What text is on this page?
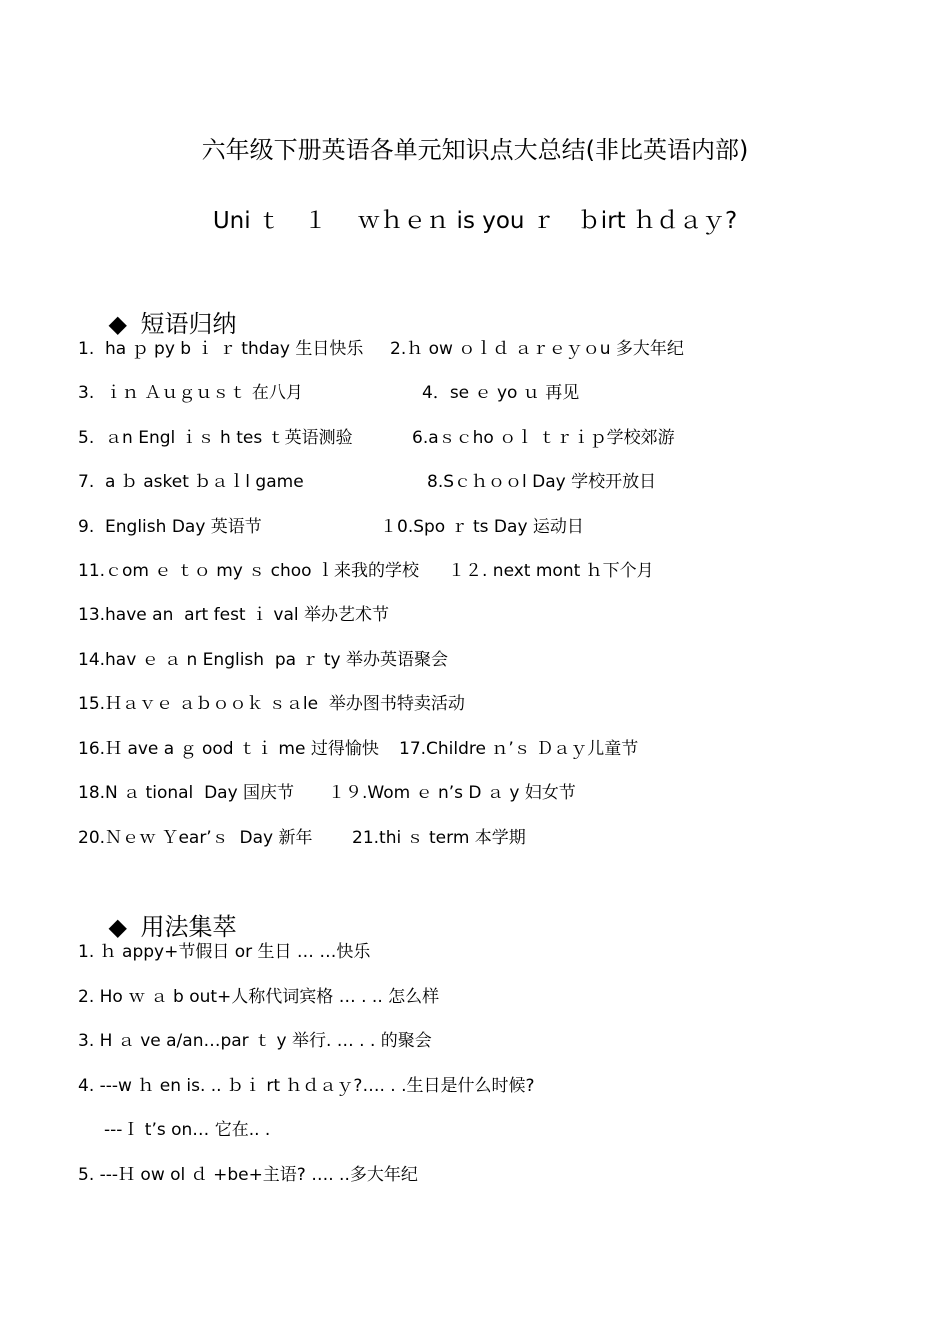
六年级下册英语各单元知识点大总结(非比英语内部)
Uni ｔ　１　 ｗｈｅｎ is you ｒ　ｂirt ｈｄａｙ?

◆ 短语归纳

1.  ha ｐ py b ｉ ｒ thday 生日快乐 2.ｈ ow ｏｌｄ ａｒｅｙｏu 多大年纪
3.  ｉｎ Ａｕｇｕｓｔ 在八月	4．se ｅ yo ｕ 再见
5.  ａn Engl ｉｓ h tes ｔ英语测验	6.aｓｃho ｏｌ ｔｒｉｐ学校郊游
7.  a ｂ asket ｂａｌl game	8.Sｃｈｏｏl Day 学校开放日
9.  English Day 英语节	１0.Spo ｒ ts Day 运动日
11.ｃom ｅ ｔｏ my ｓ choo ｌ来我的学校 １２. next mont ｈ下个月
13.have an  art fest ｉ val 举办艺术节
14.hav ｅ ａ n English  pa ｒ ty 举办英语聚会
15.Ｈａｖｅ ａｂｏｏｋ ｓａle  举办图书特卖活动
16.Ｈ ave a ｇ ood ｔｉ me 过得愉快 17.Childre ｎ’ｓ Ｄａｙ儿童节
18.N ａ tional  Day 国庆节 １９.Wom ｅ n’s D ａ y 妇女节
20.Ｎｅｗ Ｙear’ｓ  Day 新年 21.thi ｓ term 本学期

◆ 用法集萃

1. ｈ appy+节假日 or 生日 … …快乐
2. Ho ｗ ａ b out+人称代词宾格 … . .. 怎么样
3. H ａ ve a/an…par ｔ y 举行. … . . 的聚会
4. ---w ｈ en is. .. ｂｉ rt ｈｄａｙ?…. . .生日是什么时候?
---Ｉ t’s on… 它在.. .
5. ---Ｈ ow ol ｄ +be+主语? …. ..多大年纪
